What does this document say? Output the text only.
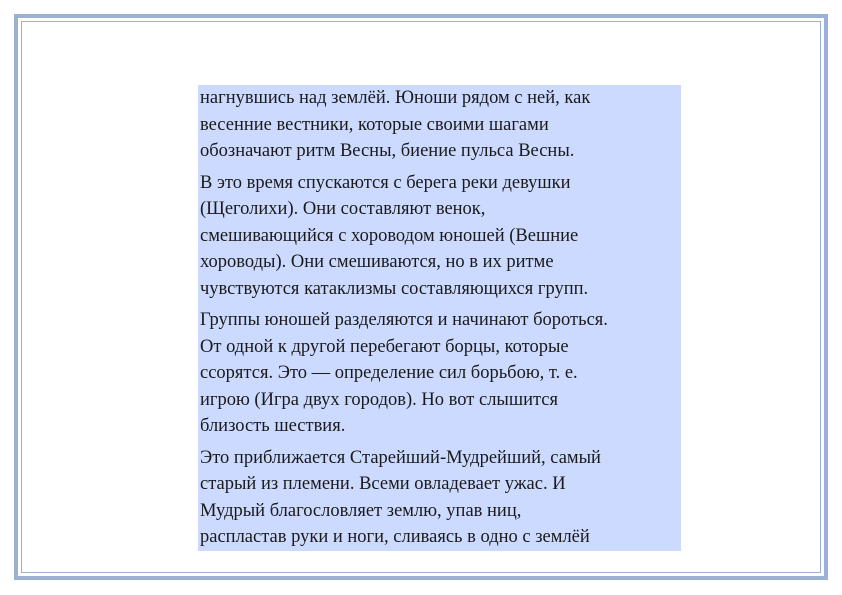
нагнувшись над землёй. Юноши рядом с ней, как
весенние вестники, которые своими шагами
обозначают ритм Весны, биение пульса Весны.

В это время спускаются с берега реки девушки
(Щеголихи). Они составляют венок,
смешивающийся с хороводом юношей (Вешние
хороводы). Они смешиваются, но в их ритме
чувствуются катаклизмы составляющихся групп.

Группы юношей разделяются и начинают бороться.
От одной к другой перебегают борцы, которые
ссорятся. Это — определение сил борьбою, т. е.
игрою (Игра двух городов). Но вот слышится
близость шествия.

Это приближается Старейший-Мудрейший, самый
старый из племени. Всеми овладевает ужас. И
Мудрый благословляет землю, упав ниц,
распластав руки и ноги, сливаясь в одно с землёй
